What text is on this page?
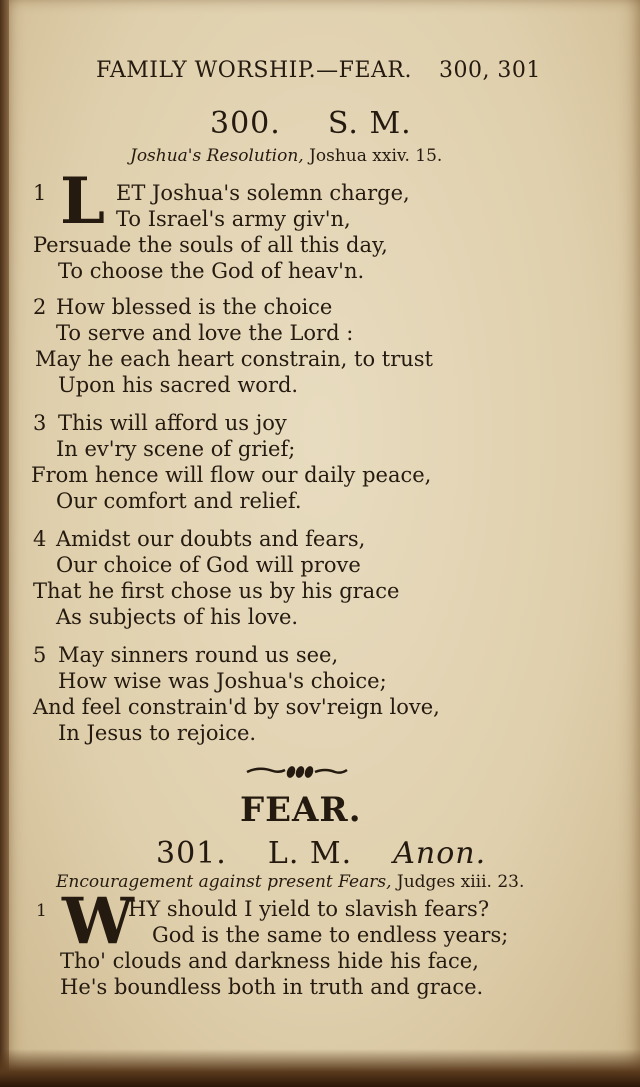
FAMILY WORSHIP.—FEAR. 300, 301
300. S. M.
Joshua's Resolution, Joshua xxiv. 15.
1 L ET Joshua's solemn charge,
To Israel's army giv'n,
Persuade the souls of all this day,
To choose the God of heav'n.
2 How blessed is the choice
To serve and love the Lord :
May he each heart constrain, to trust
Upon his sacred word.
3 This will afford us joy
In ev'ry scene of grief;
From hence will flow our daily peace,
Our comfort and relief.
4 Amidst our doubts and fears,
Our choice of God will prove
That he first chose us by his grace
As subjects of his love.
5 May sinners round us see,
How wise was Joshua's choice;
And feel constrain'd by sov'reign love,
In Jesus to rejoice.
FEAR.
301. L. M. Anon.
Encouragement against present Fears, Judges xiii. 23.
1 W
HY should I yield to slavish fears?
God is the same to endless years;
Tho' clouds and darkness hide his face,
He's boundless both in truth and grace.
